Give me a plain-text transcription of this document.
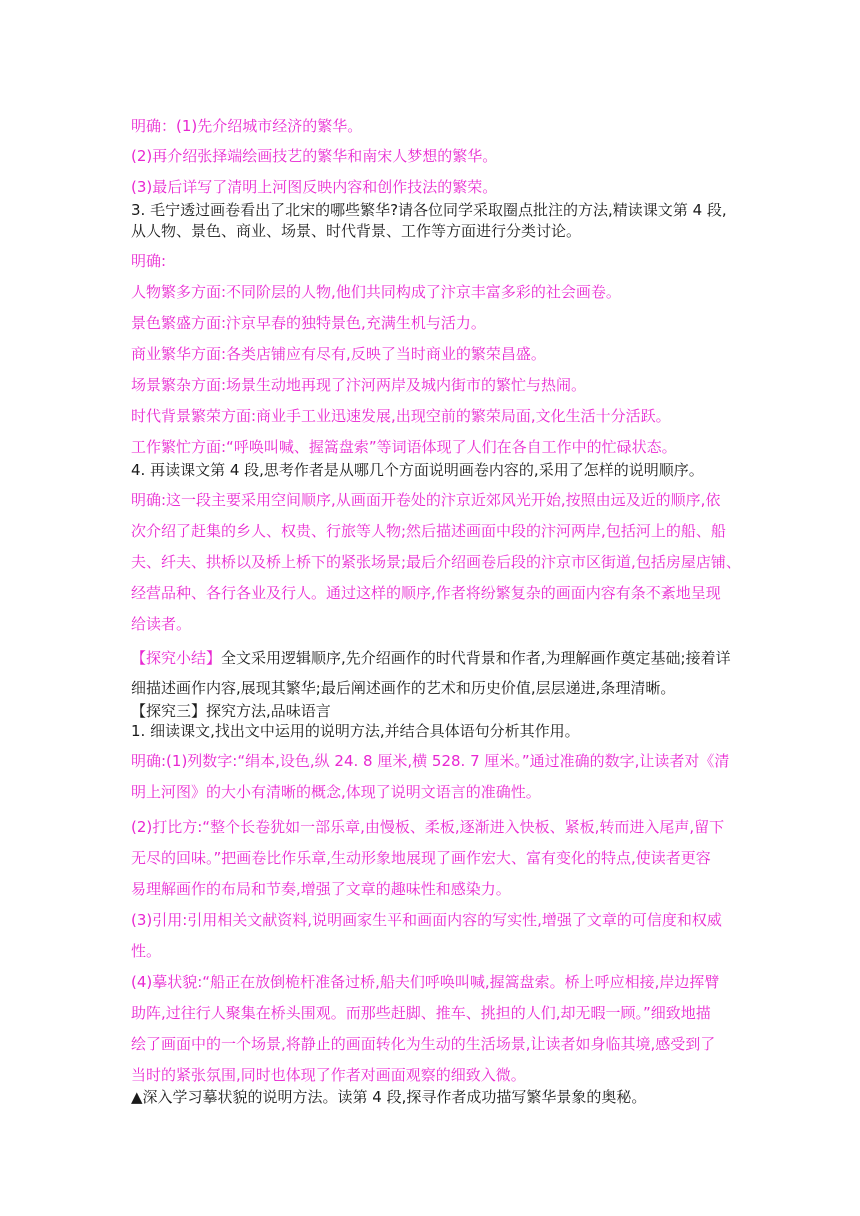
明确：(1)先介绍城市经济的繁华。

(2)再介绍张择端绘画技艺的繁华和南宋人梦想的繁华。

(3)最后详写了清明上河图反映内容和创作技法的繁荣。

3. 毛宁透过画卷看出了北宋的哪些繁华?请各位同学采取圈点批注的方法,精读课文第 4 段,

从人物、景色、商业、场景、时代背景、工作等方面进行分类讨论。

明确:

人物繁多方面:不同阶层的人物,他们共同构成了汴京丰富多彩的社会画卷。

景色繁盛方面:汴京早春的独特景色,充满生机与活力。

商业繁华方面:各类店铺应有尽有,反映了当时商业的繁荣昌盛。

场景繁杂方面:场景生动地再现了汴河两岸及城内街市的繁忙与热闹。

时代背景繁荣方面:商业手工业迅速发展,出现空前的繁荣局面,文化生活十分活跃。

工作繁忙方面:“呼唤叫喊、握篙盘索”等词语体现了人们在各自工作中的忙碌状态。

4. 再读课文第 4 段,思考作者是从哪几个方面说明画卷内容的,采用了怎样的说明顺序。

明确:这一段主要采用空间顺序,从画面开卷处的汴京近郊风光开始,按照由远及近的顺序,依

次介绍了赶集的乡人、权贵、行旅等人物;然后描述画面中段的汴河两岸,包括河上的船、船

夫、纤夫、拱桥以及桥上桥下的紧张场景;最后介绍画卷后段的汴京市区街道,包括房屋店铺、

经营品种、各行各业及行人。通过这样的顺序,作者将纷繁复杂的画面内容有条不紊地呈现

给读者。

【探究小结】全文采用逻辑顺序,先介绍画作的时代背景和作者,为理解画作奠定基础;接着详

细描述画作内容,展现其繁华;最后阐述画作的艺术和历史价值,层层递进,条理清晰。

【探究三】探究方法,品味语言

1. 细读课文,找出文中运用的说明方法,并结合具体语句分析其作用。

明确:(1)列数字:“绢本,设色,纵 24. 8 厘米,横 528. 7 厘米。”通过准确的数字,让读者对《清

明上河图》的大小有清晰的概念,体现了说明文语言的准确性。

(2)打比方:“整个长卷犹如一部乐章,由慢板、柔板,逐渐进入快板、紧板,转而进入尾声,留下

无尽的回味。”把画卷比作乐章,生动形象地展现了画作宏大、富有变化的特点,使读者更容

易理解画作的布局和节奏,增强了文章的趣味性和感染力。

(3)引用:引用相关文献资料,说明画家生平和画面内容的写实性,增强了文章的可信度和权威

性。

(4)摹状貌:“船正在放倒桅杆准备过桥,船夫们呼唤叫喊,握篙盘索。桥上呼应相接,岸边挥臂

助阵,过往行人聚集在桥头围观。而那些赶脚、推车、挑担的人们,却无暇一顾。”细致地描

绘了画面中的一个场景,将静止的画面转化为生动的生活场景,让读者如身临其境,感受到了

当时的紧张氛围,同时也体现了作者对画面观察的细致入微。

▲深入学习摹状貌的说明方法。读第 4 段,探寻作者成功描写繁华景象的奥秘。
